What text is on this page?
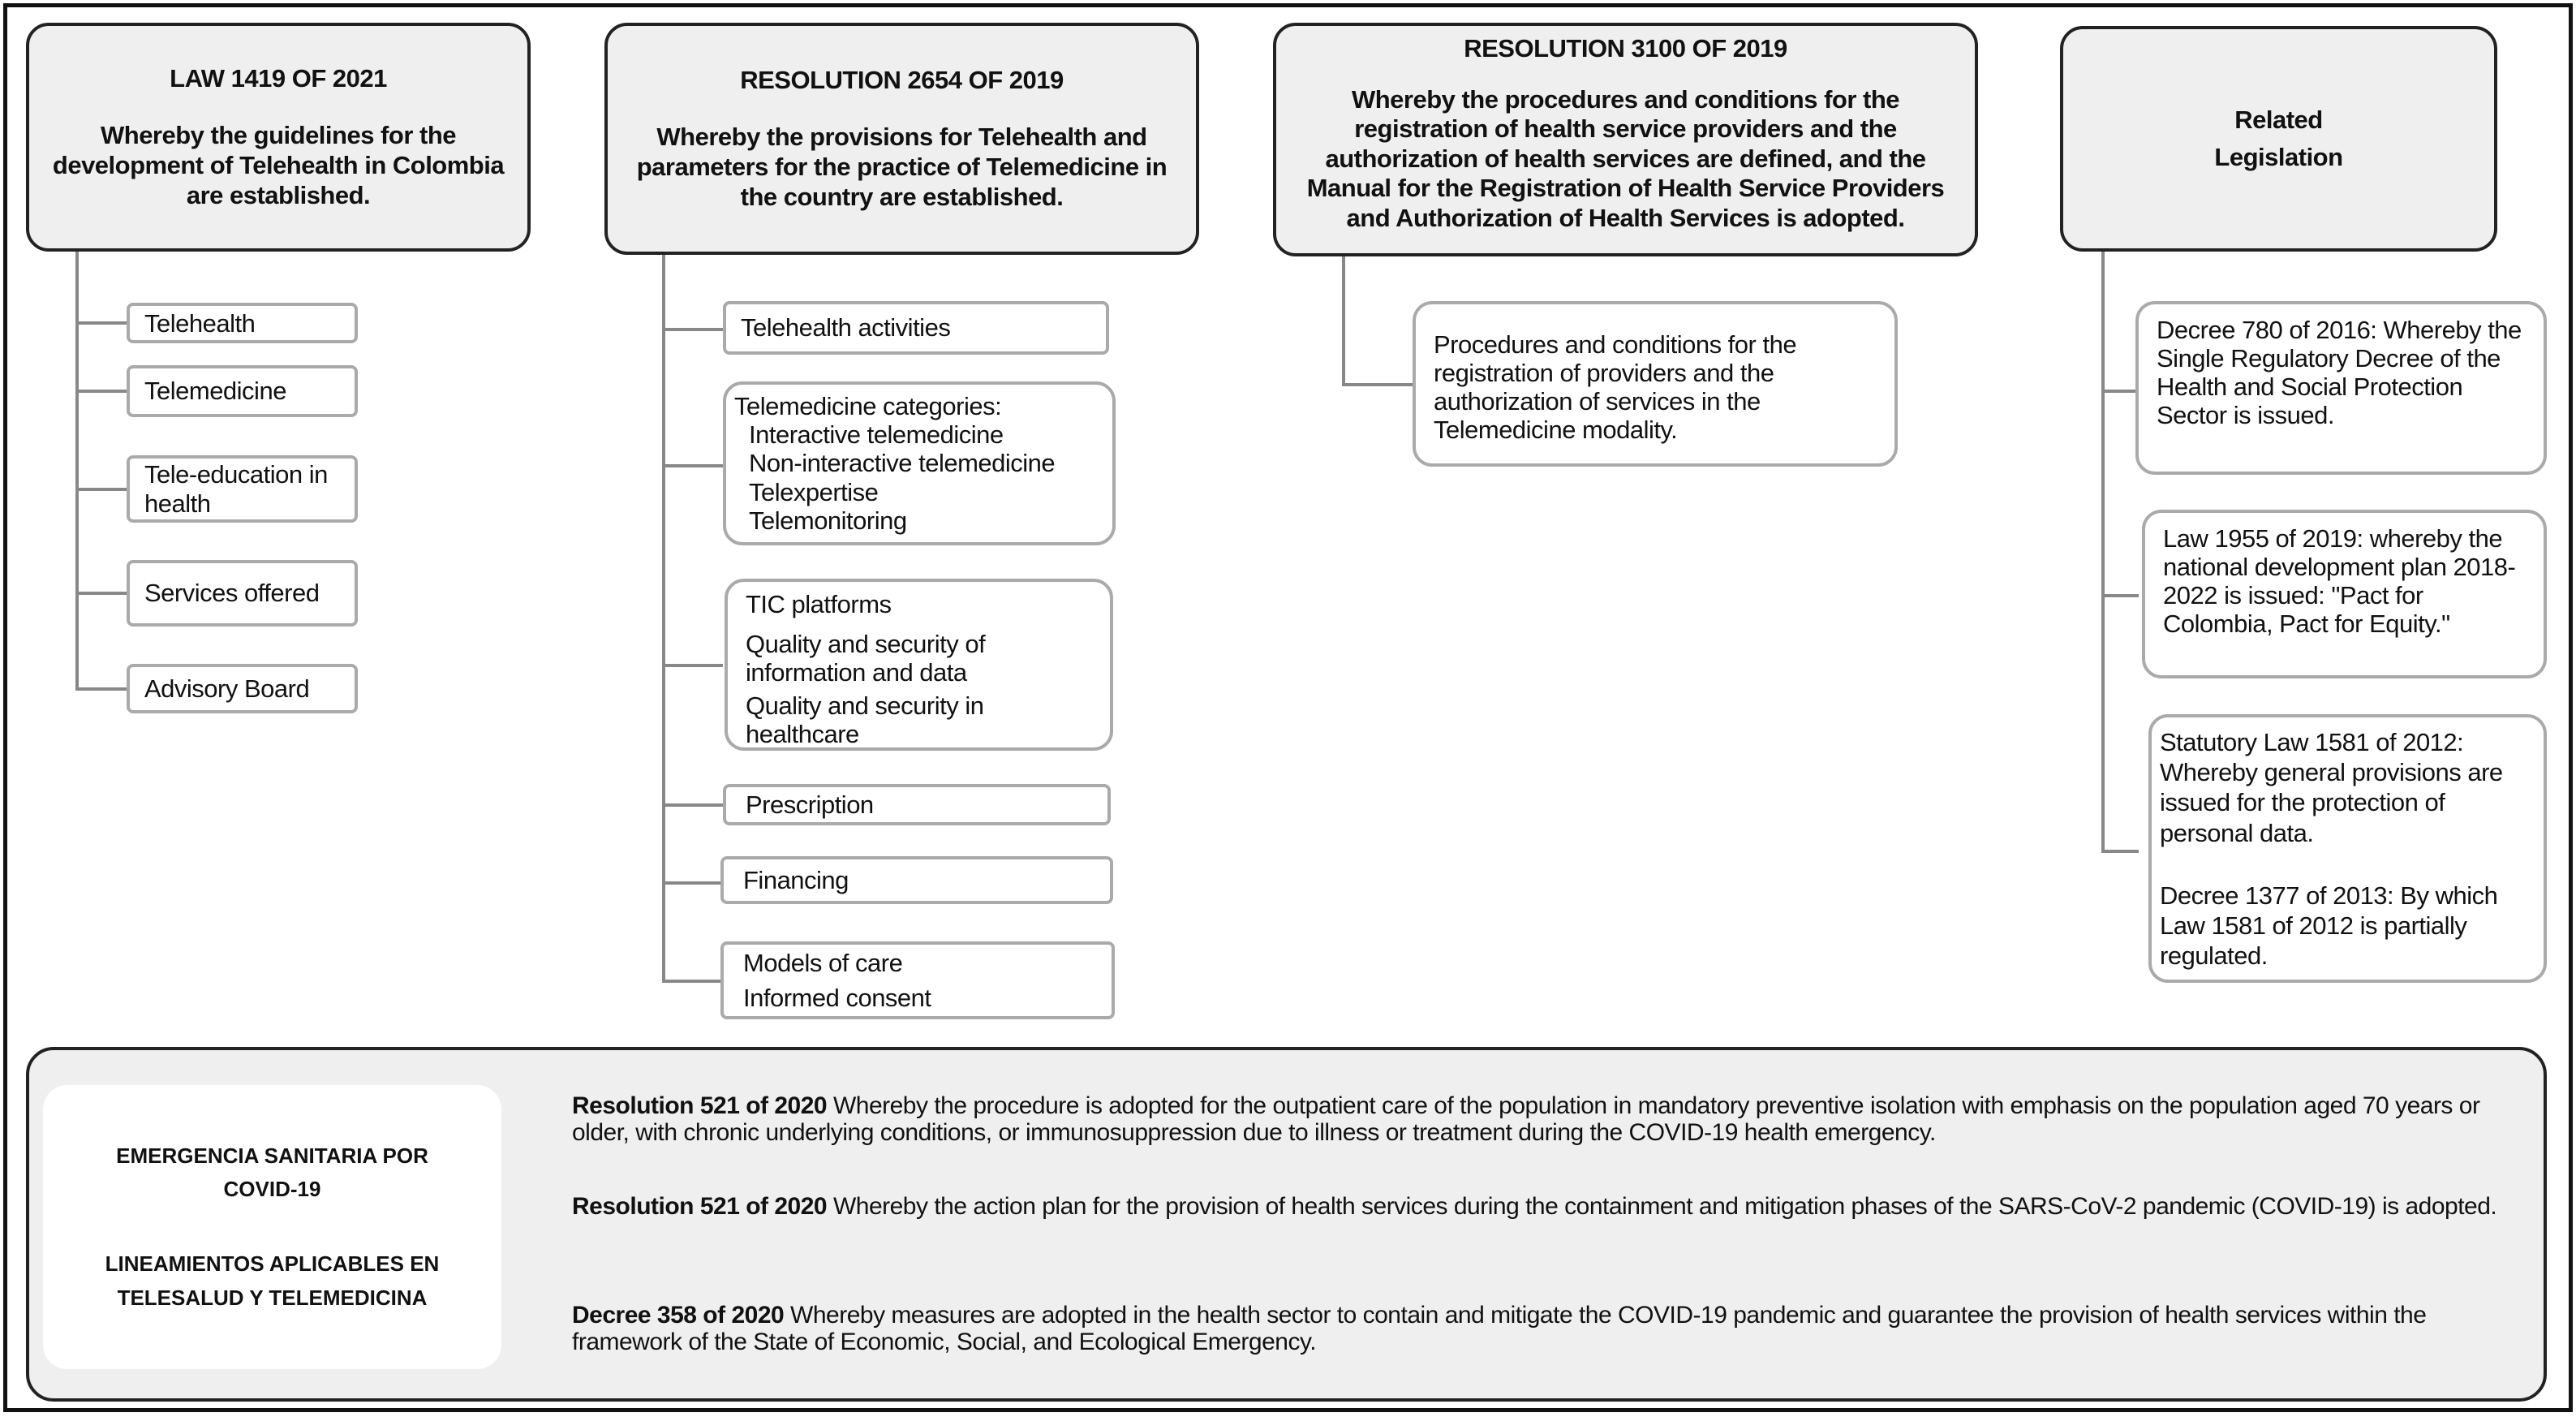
LAW 1419 OF 2021
Whereby the guidelines for the development of Telehealth in Colombia are established.
Telehealth
Telemedicine
Tele-education in health
Services offered
Advisory Board
RESOLUTION 2654 OF 2019
Whereby the provisions for Telehealth and parameters for the practice of Telemedicine in the country are established.
Telehealth activities
Telemedicine categories:
Interactive telemedicine
Non-interactive telemedicine
Telexpertise
Telemonitoring
TIC platforms
Quality and security of information and data
Quality and security in healthcare
Prescription
Financing
Models of care
Informed consent
RESOLUTION 3100 OF 2019
Whereby the procedures and conditions for the registration of health service providers and the authorization of health services are defined, and the Manual for the Registration of Health Service Providers and Authorization of Health Services is adopted.
Procedures and conditions for the registration of providers and the authorization of services in the Telemedicine modality.
Related
Legislation
Decree 780 of 2016: Whereby the Single Regulatory Decree of the Health and Social Protection Sector is issued.
Law 1955 of 2019: whereby the national development plan 2018-2022 is issued: "Pact for Colombia, Pact for Equity."
Statutory Law 1581 of 2012: Whereby general provisions are issued for the protection of personal data.
Decree 1377 of 2013: By which Law 1581 of 2012 is partially regulated.
EMERGENCIA SANITARIA POR COVID-19
LINEAMIENTOS APLICABLES EN TELESALUD Y TELEMEDICINA
Resolution 521 of 2020 Whereby the procedure is adopted for the outpatient care of the population in mandatory preventive isolation with emphasis on the population aged 70 years or older, with chronic underlying conditions, or immunosuppression due to illness or treatment during the COVID-19 health emergency.
Resolution 521 of 2020 Whereby the action plan for the provision of health services during the containment and mitigation phases of the SARS-CoV-2 pandemic (COVID-19) is adopted.
Decree 358 of 2020 Whereby measures are adopted in the health sector to contain and mitigate the COVID-19 pandemic and guarantee the provision of health services within the framework of the State of Economic, Social, and Ecological Emergency.
